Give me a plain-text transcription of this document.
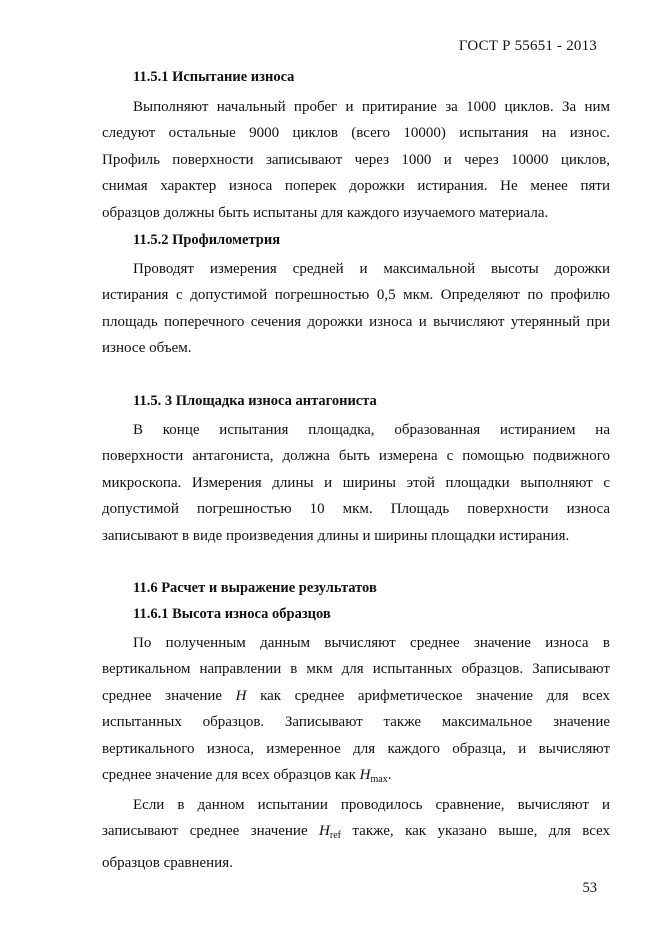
ГОСТ Р 55651 - 2013
11.5.1 Испытание износа
Выполняют начальный пробег и притирание за 1000 циклов. За ним
следуют остальные 9000 циклов (всего 10000) испытания на износ.
Профиль поверхности записывают через 1000 и через 10000 циклов,
снимая характер износа поперек дорожки истирания. Не менее пяти
образцов должны быть испытаны для каждого изучаемого материала.
11.5.2 Профилометрия
Проводят измерения средней и максимальной высоты дорожки
истирания с допустимой погрешностью 0,5 мкм. Определяют по профилю
площадь поперечного сечения дорожки износа и вычисляют утерянный при
износе объем.
11.5. 3 Площадка износа антагониста
В конце испытания площадка, образованная истиранием на
поверхности антагониста, должна быть измерена с помощью подвижного
микроскопа. Измерения длины и ширины этой площадки выполняют с
допустимой погрешностью 10 мкм. Площадь поверхности износа
записывают в виде произведения длины и ширины площадки истирания.
11.6 Расчет и выражение результатов
11.6.1 Высота износа образцов
По полученным данным вычисляют среднее значение износа в
вертикальном направлении в мкм для испытанных образцов. Записывают
среднее значение H как среднее арифметическое значение для всех
испытанных образцов. Записывают также максимальное значение
вертикального износа, измеренное для каждого образца, и вычисляют
среднее значение для всех образцов как $H_{max}$.
Если в данном испытании проводилось сравнение, вычисляют и
записывают среднее значение $H_{ref}$ также, как указано выше, для всех
образцов сравнения.
53
